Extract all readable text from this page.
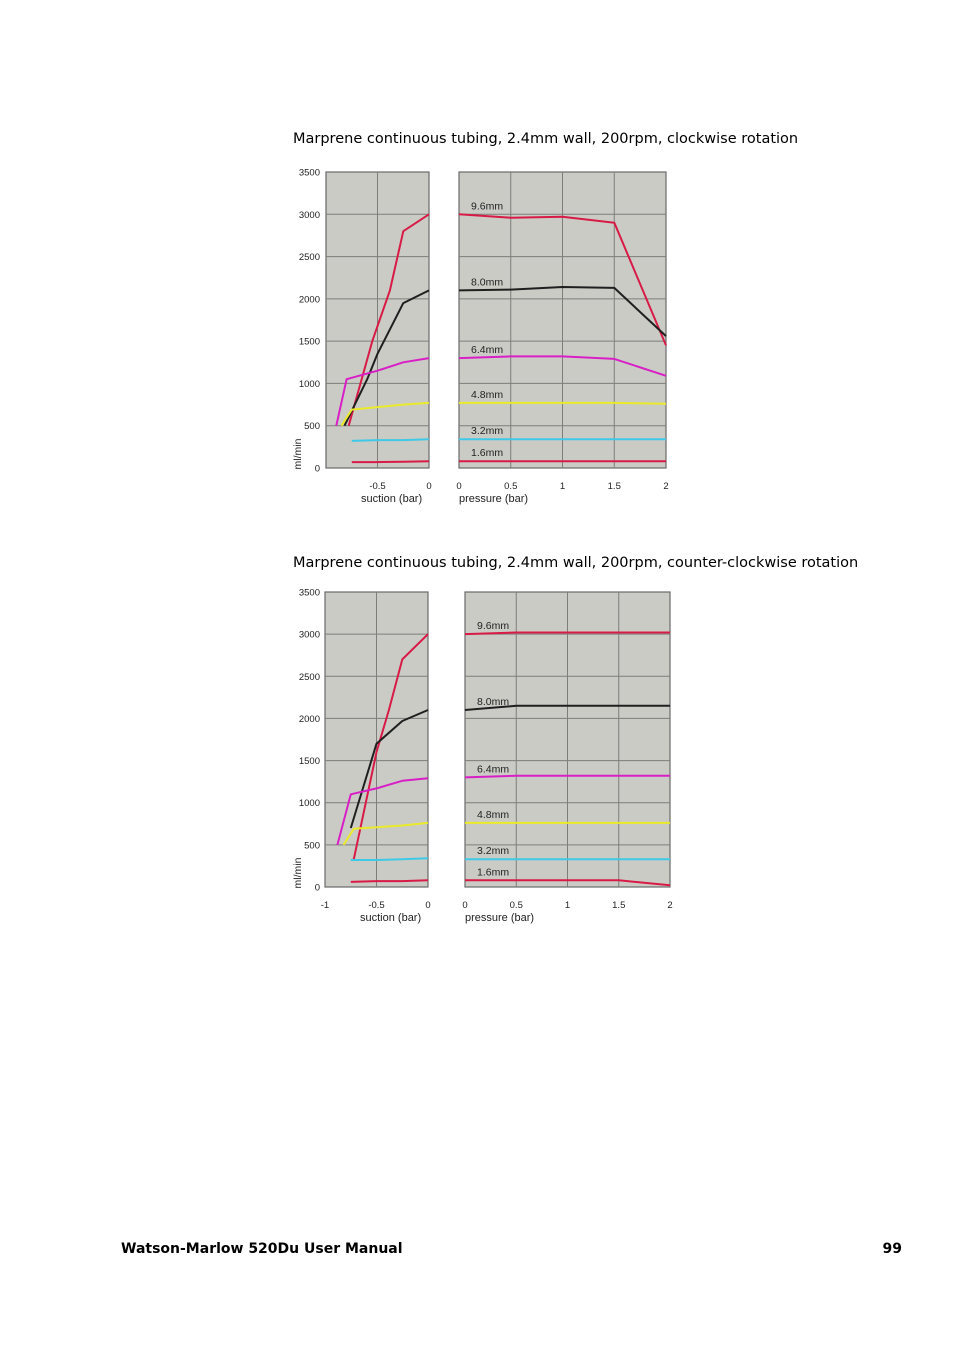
Marprene continuous tubing, 2.4mm wall, 200rpm, clockwise rotation
0
500
1000
1500
2000
2500
3000
3500
ml/min
-0.5	0
suction (bar)
9.6mm
8.0mm
6.4mm
4.8mm
3.2mm
1.6mm
0	0.5	1	1.5	2
pressure (bar)
Marprene continuous tubing, 2.4mm wall, 200rpm, counter-clockwise rotation
0
500
1000
1500
2000
2500
3000
3500
ml/min
-1	-0.5	0
suction (bar)
9.6mm
8.0mm
6.4mm
4.8mm
3.2mm
1.6mm
0	0.5	1	1.5	2
pressure (bar)
Watson-Marlow 520Du User Manual	99
